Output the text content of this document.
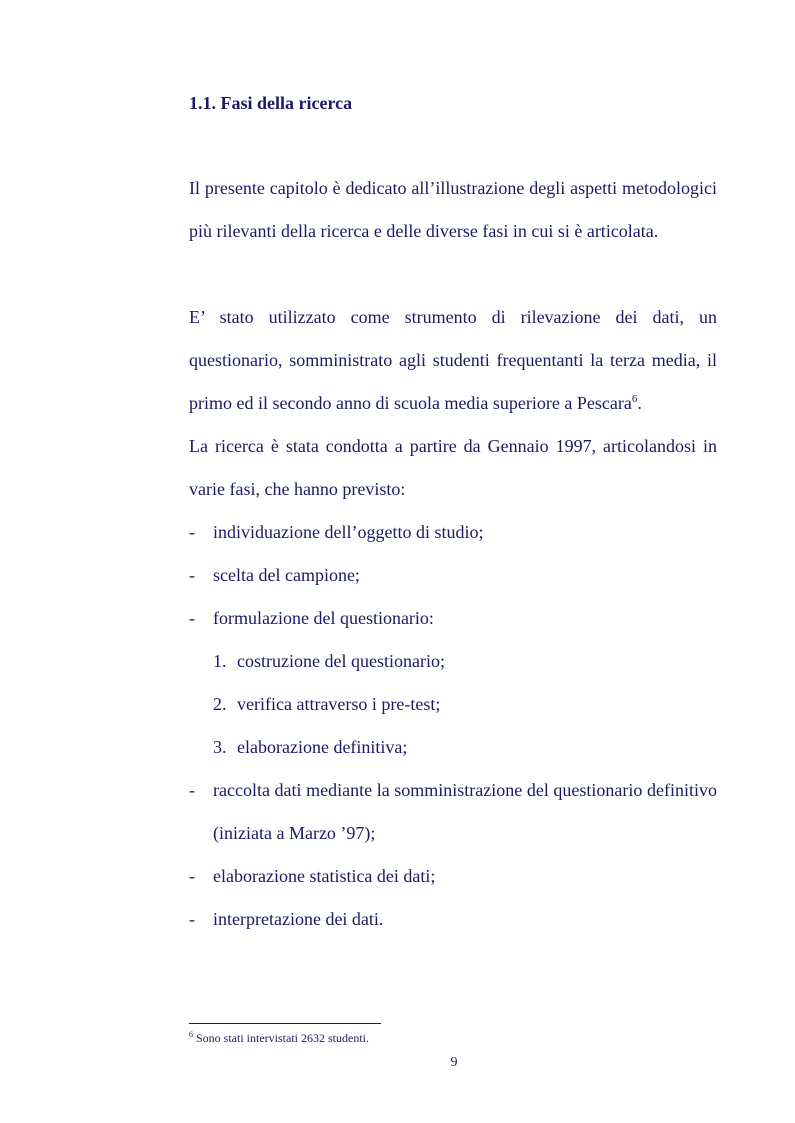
1.1. Fasi della ricerca

Il presente capitolo è dedicato all’illustrazione degli aspetti metodologici più rilevanti della ricerca e delle diverse fasi in cui si è articolata.

E’ stato utilizzato come strumento di rilevazione dei dati, un questionario, somministrato agli studenti frequentanti la terza media, il primo ed il secondo anno di scuola media superiore a Pescara$^6$.

La ricerca è stata condotta a partire da Gennaio 1997, articolandosi in varie fasi, che hanno previsto:

- individuazione dell’oggetto di studio;
- scelta del campione;
- formulazione del questionario:
1. costruzione del questionario;
2. verifica attraverso i pre-test;
3. elaborazione definitiva;
- raccolta dati mediante la somministrazione del questionario definitivo (iniziata a Marzo ’97);
- elaborazione statistica dei dati;
- interpretazione dei dati.

$^6$ Sono stati intervistati 2632 studenti.

9
